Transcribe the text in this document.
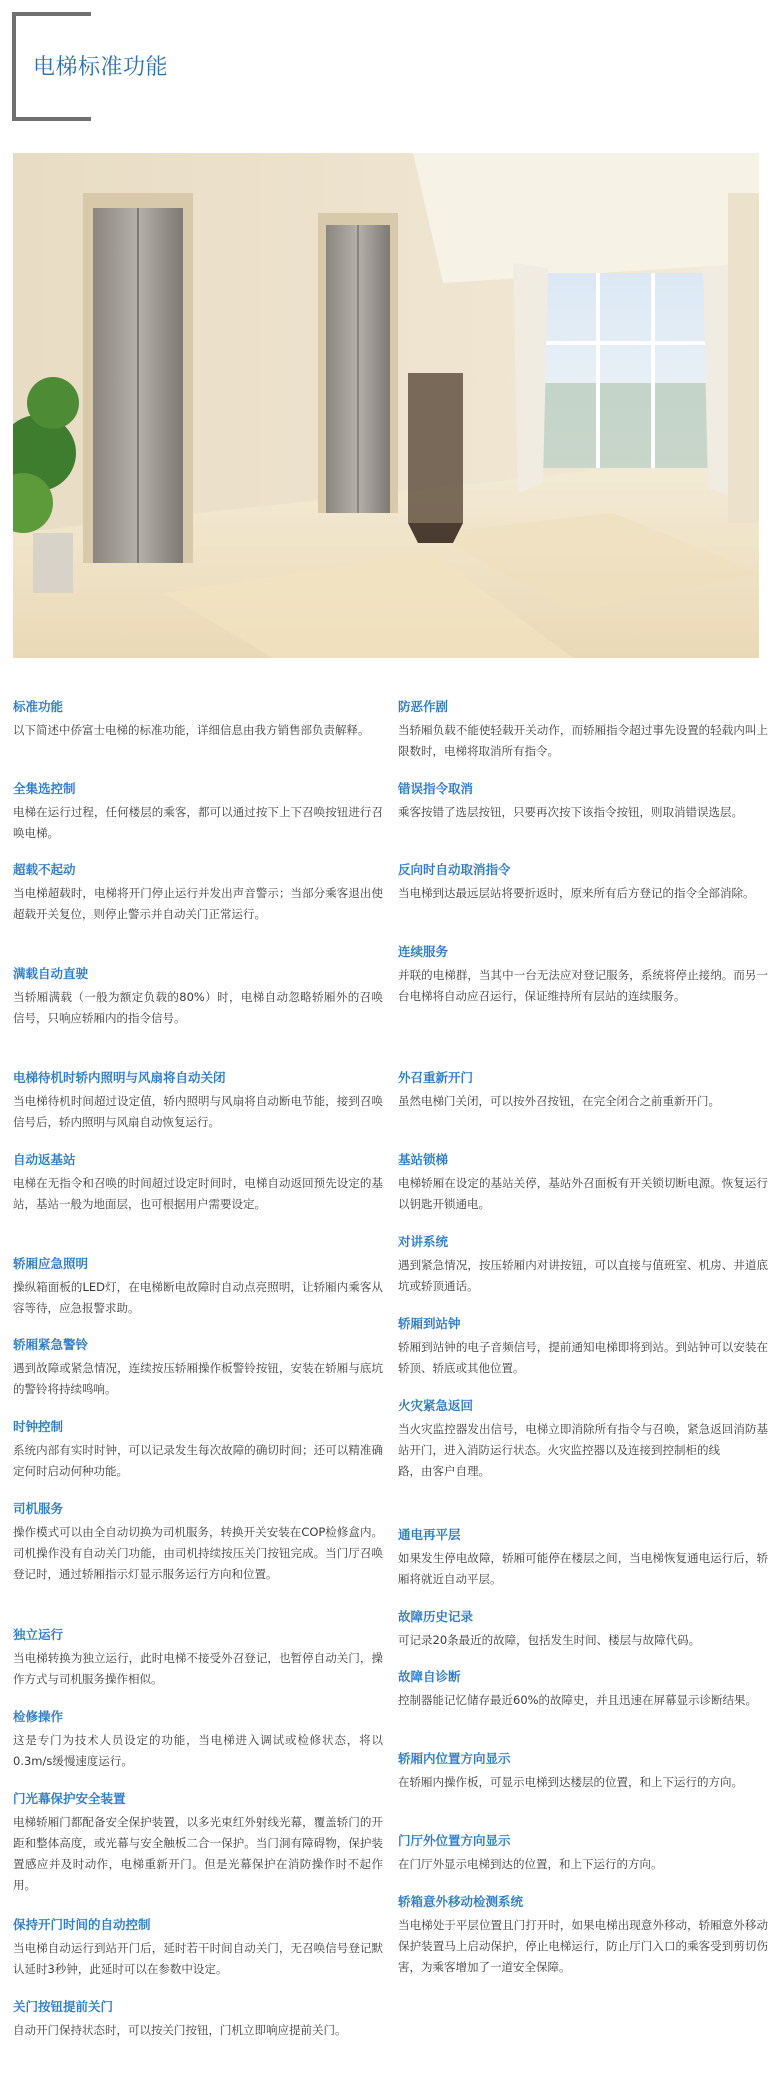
电梯标准功能
标准功能

以下简述中侨富士电梯的标准功能，详细信息由我方销售部负责解释。

全集选控制

电梯在运行过程，任何楼层的乘客，都可以通过按下上下召唤按钮进行召唤电梯。

超载不起动

当电梯超载时，电梯将开门停止运行并发出声音警示；当部分乘客退出使超载开关复位，则停止警示并自动关门正常运行。

满载自动直驶

当轿厢满载（一般为额定负载的80%）时，电梯自动忽略轿厢外的召唤信号，只响应轿厢内的指令信号。

电梯待机时轿内照明与风扇将自动关闭

当电梯待机时间超过设定值，轿内照明与风扇将自动断电节能，接到召唤信号后，轿内照明与风扇自动恢复运行。

自动返基站

电梯在无指令和召唤的时间超过设定时间时，电梯自动返回预先设定的基站，基站一般为地面层，也可根据用户需要设定。

轿厢应急照明

操纵箱面板的LED灯，在电梯断电故障时自动点亮照明，让轿厢内乘客从容等待，应急报警求助。

轿厢紧急警铃

遇到故障或紧急情况，连续按压轿厢操作板警铃按钮，安装在轿厢与底坑的警铃将持续鸣响。

时钟控制

系统内部有实时时钟，可以记录发生每次故障的确切时间；还可以精准确定何时启动何种功能。

司机服务

操作模式可以由全自动切换为司机服务，转换开关安装在COP检修盒内。司机操作没有自动关门功能，由司机持续按压关门按钮完成。当门厅召唤登记时，通过轿厢指示灯显示服务运行方向和位置。

独立运行

当电梯转换为独立运行，此时电梯不接受外召登记，也暂停自动关门，操作方式与司机服务操作相似。

检修操作

这是专门为技术人员设定的功能，当电梯进入调试或检修状态，将以0.3m/s缓慢速度运行。

门光幕保护安全装置

电梯轿厢门都配备安全保护装置，以多光束红外射线光幕，覆盖轿门的开距和整体高度，或光幕与安全触板二合一保护。当门洞有障碍物，保护装置感应并及时动作，电梯重新开门。但是光幕保护在消防操作时不起作用。

保持开门时间的自动控制

当电梯自动运行到站开门后，延时若干时间自动关门，无召唤信号登记默认延时3秒钟，此延时可以在参数中设定。

关门按钮提前关门

自动开门保持状态时，可以按关门按钮，门机立即响应提前关门。

防恶作剧

当轿厢负载不能使轻载开关动作，而轿厢指令超过事先设置的轻载内叫上限数时，电梯将取消所有指令。

错误指令取消

乘客按错了选层按钮，只要再次按下该指令按钮，则取消错误选层。

反向时自动取消指令

当电梯到达最远层站将要折返时，原来所有后方登记的指令全部消除。

连续服务

并联的电梯群，当其中一台无法应对登记服务，系统将停止接纳。而另一台电梯将自动应召运行，保证维持所有层站的连续服务。

外召重新开门

虽然电梯门关闭，可以按外召按钮，在完全闭合之前重新开门。

基站锁梯

电梯轿厢在设定的基站关停，基站外召面板有开关锁切断电源。恢复运行以钥匙开锁通电。

对讲系统

遇到紧急情况，按压轿厢内对讲按钮，可以直接与值班室、机房、井道底坑或轿顶通话。

轿厢到站钟

轿厢到站钟的电子音频信号，提前通知电梯即将到站。到站钟可以安装在轿顶、轿底或其他位置。

火灾紧急返回

当火灾监控器发出信号，电梯立即消除所有指令与召唤，紧急返回消防基站开门，进入消防运行状态。火灾监控器以及连接到控制柜的线
路，由客户自理。

通电再平层

如果发生停电故障，轿厢可能停在楼层之间，当电梯恢复通电运行后，轿厢将就近自动平层。

故障历史记录

可记录20条最近的故障，包括发生时间、楼层与故障代码。

故障自诊断

控制器能记忆储存最近60%的故障史，并且迅速在屏幕显示诊断结果。

轿厢内位置方向显示

在轿厢内操作板，可显示电梯到达楼层的位置，和上下运行的方向。

门厅外位置方向显示

在门厅外显示电梯到达的位置，和上下运行的方向。

轿箱意外移动检测系统

当电梯处于平层位置且门打开时，如果电梯出现意外移动，轿厢意外移动保护装置马上启动保护，停止电梯运行，防止厅门入口的乘客受到剪切伤害，为乘客增加了一道安全保障。
